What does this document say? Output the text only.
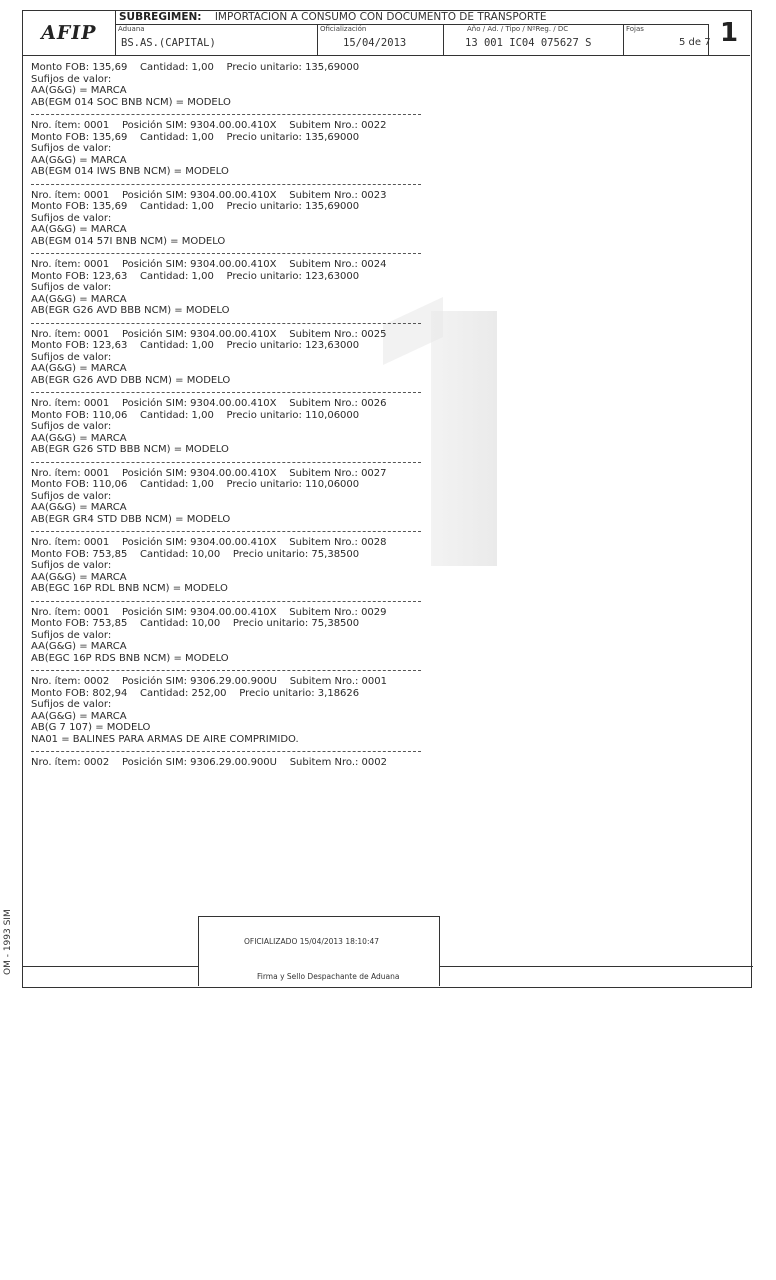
AFIP
SUBREGIMEN: IMPORTACION A CONSUMO CON DOCUMENTO DE TRANSPORTE
Aduana
BS.AS.(CAPITAL)
Oficialización
15/04/2013
Año / Ad. / Tipo / NºReg. / DC
13 001 IC04 075627 S
Fojas
5 de 7 1
Monto FOB: 135,69    Cantidad: 1,00    Precio unitario: 135,69000
Sufijos de valor:
AA(G&G) = MARCA
AB(EGM 014 SOC BNB NCM) = MODELO
Nro. ítem: 0001    Posición SIM: 9304.00.00.410X    Subitem Nro.: 0022
Monto FOB: 135,69    Cantidad: 1,00    Precio unitario: 135,69000
Sufijos de valor:
AA(G&G) = MARCA
AB(EGM 014 IWS BNB NCM) = MODELO
Nro. ítem: 0001    Posición SIM: 9304.00.00.410X    Subitem Nro.: 0023
Monto FOB: 135,69    Cantidad: 1,00    Precio unitario: 135,69000
Sufijos de valor:
AA(G&G) = MARCA
AB(EGM 014 57I BNB NCM) = MODELO
Nro. ítem: 0001    Posición SIM: 9304.00.00.410X    Subitem Nro.: 0024
Monto FOB: 123,63    Cantidad: 1,00    Precio unitario: 123,63000
Sufijos de valor:
AA(G&G) = MARCA
AB(EGR G26 AVD BBB NCM) = MODELO
Nro. ítem: 0001    Posición SIM: 9304.00.00.410X    Subitem Nro.: 0025
Monto FOB: 123,63    Cantidad: 1,00    Precio unitario: 123,63000
Sufijos de valor:
AA(G&G) = MARCA
AB(EGR G26 AVD DBB NCM) = MODELO
Nro. ítem: 0001    Posición SIM: 9304.00.00.410X    Subitem Nro.: 0026
Monto FOB: 110,06    Cantidad: 1,00    Precio unitario: 110,06000
Sufijos de valor:
AA(G&G) = MARCA
AB(EGR G26 STD BBB NCM) = MODELO
Nro. ítem: 0001    Posición SIM: 9304.00.00.410X    Subitem Nro.: 0027
Monto FOB: 110,06    Cantidad: 1,00    Precio unitario: 110,06000
Sufijos de valor:
AA(G&G) = MARCA
AB(EGR GR4 STD DBB NCM) = MODELO
Nro. ítem: 0001    Posición SIM: 9304.00.00.410X    Subitem Nro.: 0028
Monto FOB: 753,85    Cantidad: 10,00    Precio unitario: 75,38500
Sufijos de valor:
AA(G&G) = MARCA
AB(EGC 16P RDL BNB NCM) = MODELO
Nro. ítem: 0001    Posición SIM: 9304.00.00.410X    Subitem Nro.: 0029
Monto FOB: 753,85    Cantidad: 10,00    Precio unitario: 75,38500
Sufijos de valor:
AA(G&G) = MARCA
AB(EGC 16P RDS BNB NCM) = MODELO
Nro. ítem: 0002    Posición SIM: 9306.29.00.900U    Subitem Nro.: 0001
Monto FOB: 802,94    Cantidad: 252,00    Precio unitario: 3,18626
Sufijos de valor:
AA(G&G) = MARCA
AB(G 7 107) = MODELO
NA01 = BALINES PARA ARMAS DE AIRE COMPRIMIDO.
Nro. ítem: 0002    Posición SIM: 9306.29.00.900U    Subitem Nro.: 0002
OFICIALIZADO 15/04/2013 18:10:47
Firma y Sello Despachante de Aduana
OM - 1993 SIM
